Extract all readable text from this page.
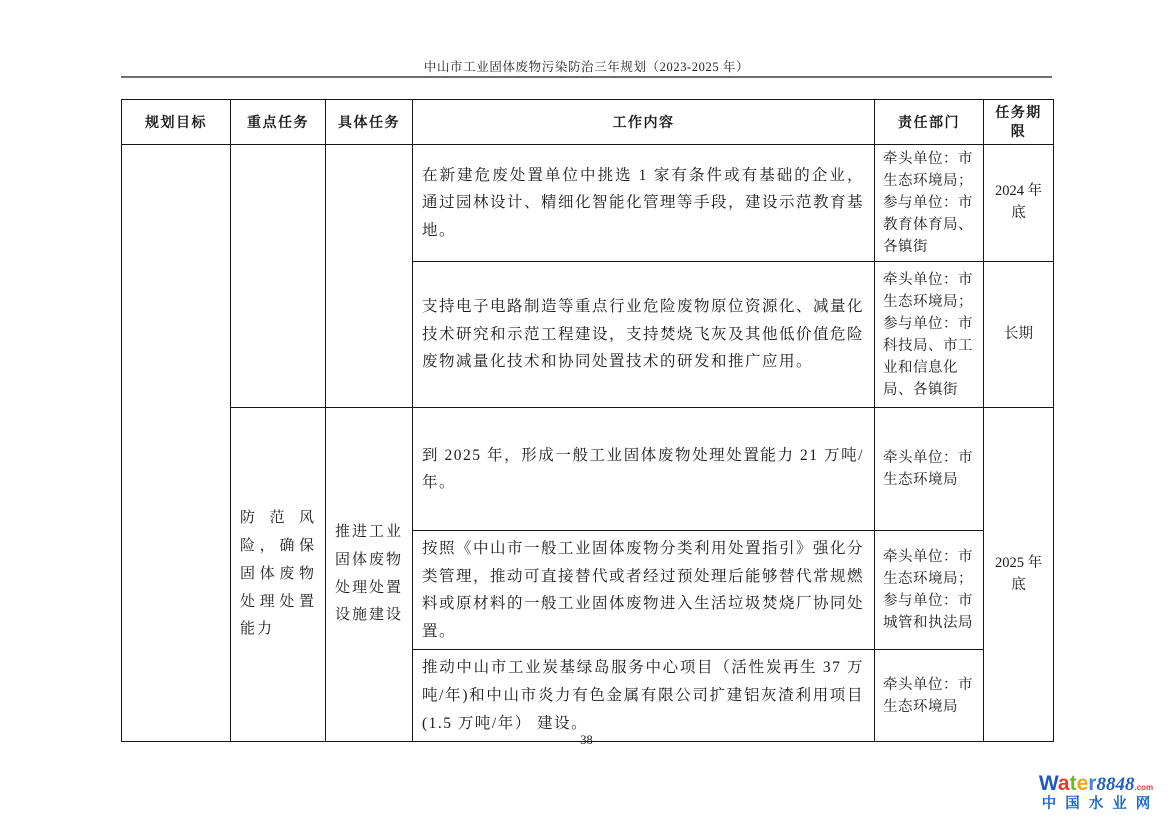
中山市工业固体废物污染防治三年规划（2023-2025 年）
规划目标	重点任务	具体任务	工作内容	责任部门	任务期限
			在新建危废处置单位中挑选 1 家有条件或有基础的企业，通过园林设计、精细化智能化管理等手段，建设示范教育基地。	牵头单位：市生态环境局；参与单位：市教育体育局、各镇街	2024 年底
			支持电子电路制造等重点行业危险废物原位资源化、减量化技术研究和示范工程建设，支持焚烧飞灰及其他低价值危险废物减量化技术和协同处置技术的研发和推广应用。	牵头单位：市生态环境局；参与单位：市科技局、市工业和信息化局、各镇街	长期
	防范风险，确保固体废物处理处置能力	推进工业固体废物处理处置设施建设	到 2025 年，形成一般工业固体废物处理处置能力 21 万吨/年。	牵头单位：市生态环境局	2025 年底
			按照《中山市一般工业固体废物分类利用处置指引》强化分类管理，推动可直接替代或者经过预处理后能够替代常规燃料或原材料的一般工业固体废物进入生活垃圾焚烧厂协同处置。	牵头单位：市生态环境局；参与单位：市城管和执法局	
			推动中山市工业炭基绿岛服务中心项目（活性炭再生 37 万吨/年)和中山市炎力有色金属有限公司扩建铝灰渣利用项目(1.5 万吨/年） 建设。	牵头单位：市生态环境局	
38
Water8848.com
中国水业网
